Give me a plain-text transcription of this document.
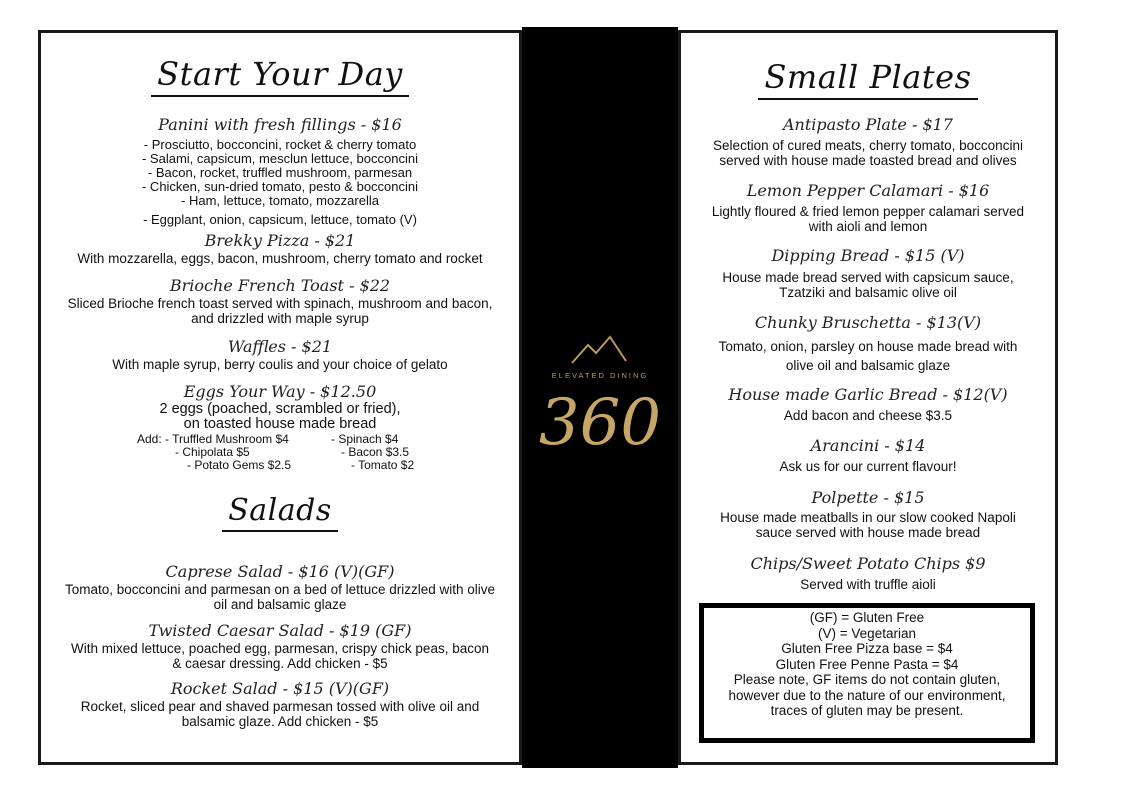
Start Your Day
Panini with fresh fillings - $16
- Prosciutto, bocconcini, rocket & cherry tomato
- Salami, capsicum, mesclun lettuce, bocconcini
- Bacon, rocket, truffled mushroom, parmesan
- Chicken, sun-dried tomato, pesto & bocconcini
- Ham, lettuce, tomato, mozzarella
- Eggplant, onion, capsicum, lettuce, tomato (V)
Brekky Pizza - $21
With mozzarella, eggs, bacon, mushroom, cherry tomato and rocket
Brioche French Toast - $22
Sliced Brioche french toast served with spinach, mushroom and bacon,
and drizzled with maple syrup
Waffles - $21
With maple syrup, berry coulis and your choice of gelato
Eggs Your Way - $12.50
2 eggs (poached, scrambled or fried),
on toasted house made bread
Add: - Truffled Mushroom $4	- Spinach $4
- Chipolata $5	- Bacon $3.5
- Potato Gems $2.5	- Tomato $2
Salads
Caprese Salad - $16 (V)(GF)
Tomato, bocconcini and parmesan on a bed of lettuce drizzled with olive
oil and balsamic glaze
Twisted Caesar Salad - $19 (GF)
With mixed lettuce, poached egg, parmesan, crispy chick peas, bacon
& caesar dressing. Add chicken - $5
Rocket Salad - $15 (V)(GF)
Rocket, sliced pear and shaved parmesan tossed with olive oil and
balsamic glaze. Add chicken - $5
ELEVATED DINING
360
Small Plates
Antipasto Plate - $17
Selection of cured meats, cherry tomato, bocconcini
served with house made toasted bread and olives
Lemon Pepper Calamari - $16
Lightly floured & fried lemon pepper calamari served
with aioli and lemon
Dipping Bread - $15 (V)
House made bread served with capsicum sauce,
Tzatziki and balsamic olive oil
Chunky Bruschetta - $13(V)
Tomato, onion, parsley on house made bread with
olive oil and balsamic glaze
House made Garlic Bread - $12(V)
Add bacon and cheese $3.5
Arancini - $14
Ask us for our current flavour!
Polpette - $15
House made meatballs in our slow cooked Napoli
sauce served with house made bread
Chips/Sweet Potato Chips $9
Served with truffle aioli
(GF) = Gluten Free
(V) = Vegetarian
Gluten Free Pizza base = $4
Gluten Free Penne Pasta = $4
Please note, GF items do not contain gluten,
however due to the nature of our environment,
traces of gluten may be present.
